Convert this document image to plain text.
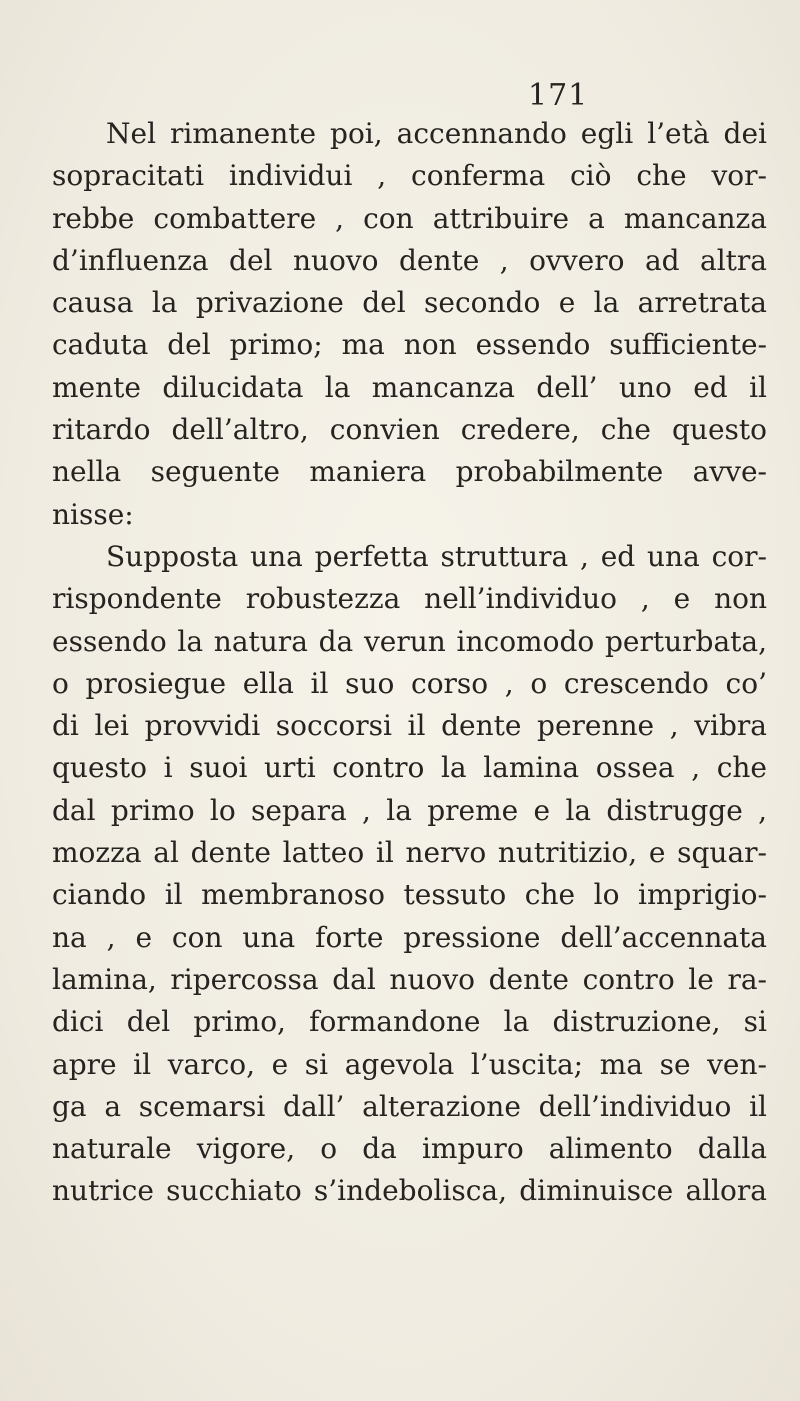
171
Nel rimanente poi, accennando egli l’età dei
sopracitati individui , conferma ciò che vor-
rebbe combattere , con attribuire a mancanza
d’influenza del nuovo dente , ovvero ad altra
causa la privazione del secondo e la arretrata
caduta del primo; ma non essendo sufficiente-
mente dilucidata la mancanza dell’ uno ed il
ritardo dell’altro, convien credere, che questo
nella seguente maniera probabilmente avve-
nisse:
Supposta una perfetta struttura , ed una cor-
rispondente robustezza nell’individuo , e non
essendo la natura da verun incomodo perturbata,
o prosiegue ella il suo corso , o crescendo co’
di lei provvidi soccorsi il dente perenne , vibra
questo i suoi urti contro la lamina ossea , che
dal primo lo separa , la preme e la distrugge ,
mozza al dente latteo il nervo nutritizio, e squar-
ciando il membranoso tessuto che lo imprigio-
na , e con una forte pressione dell’accennata
lamina, ripercossa dal nuovo dente contro le ra-
dici del primo, formandone la distruzione, si
apre il varco, e si agevola l’uscita; ma se ven-
ga a scemarsi dall’ alterazione dell’individuo il
naturale vigore, o da impuro alimento dalla
nutrice succhiato s’indebolisca, diminuisce allora
